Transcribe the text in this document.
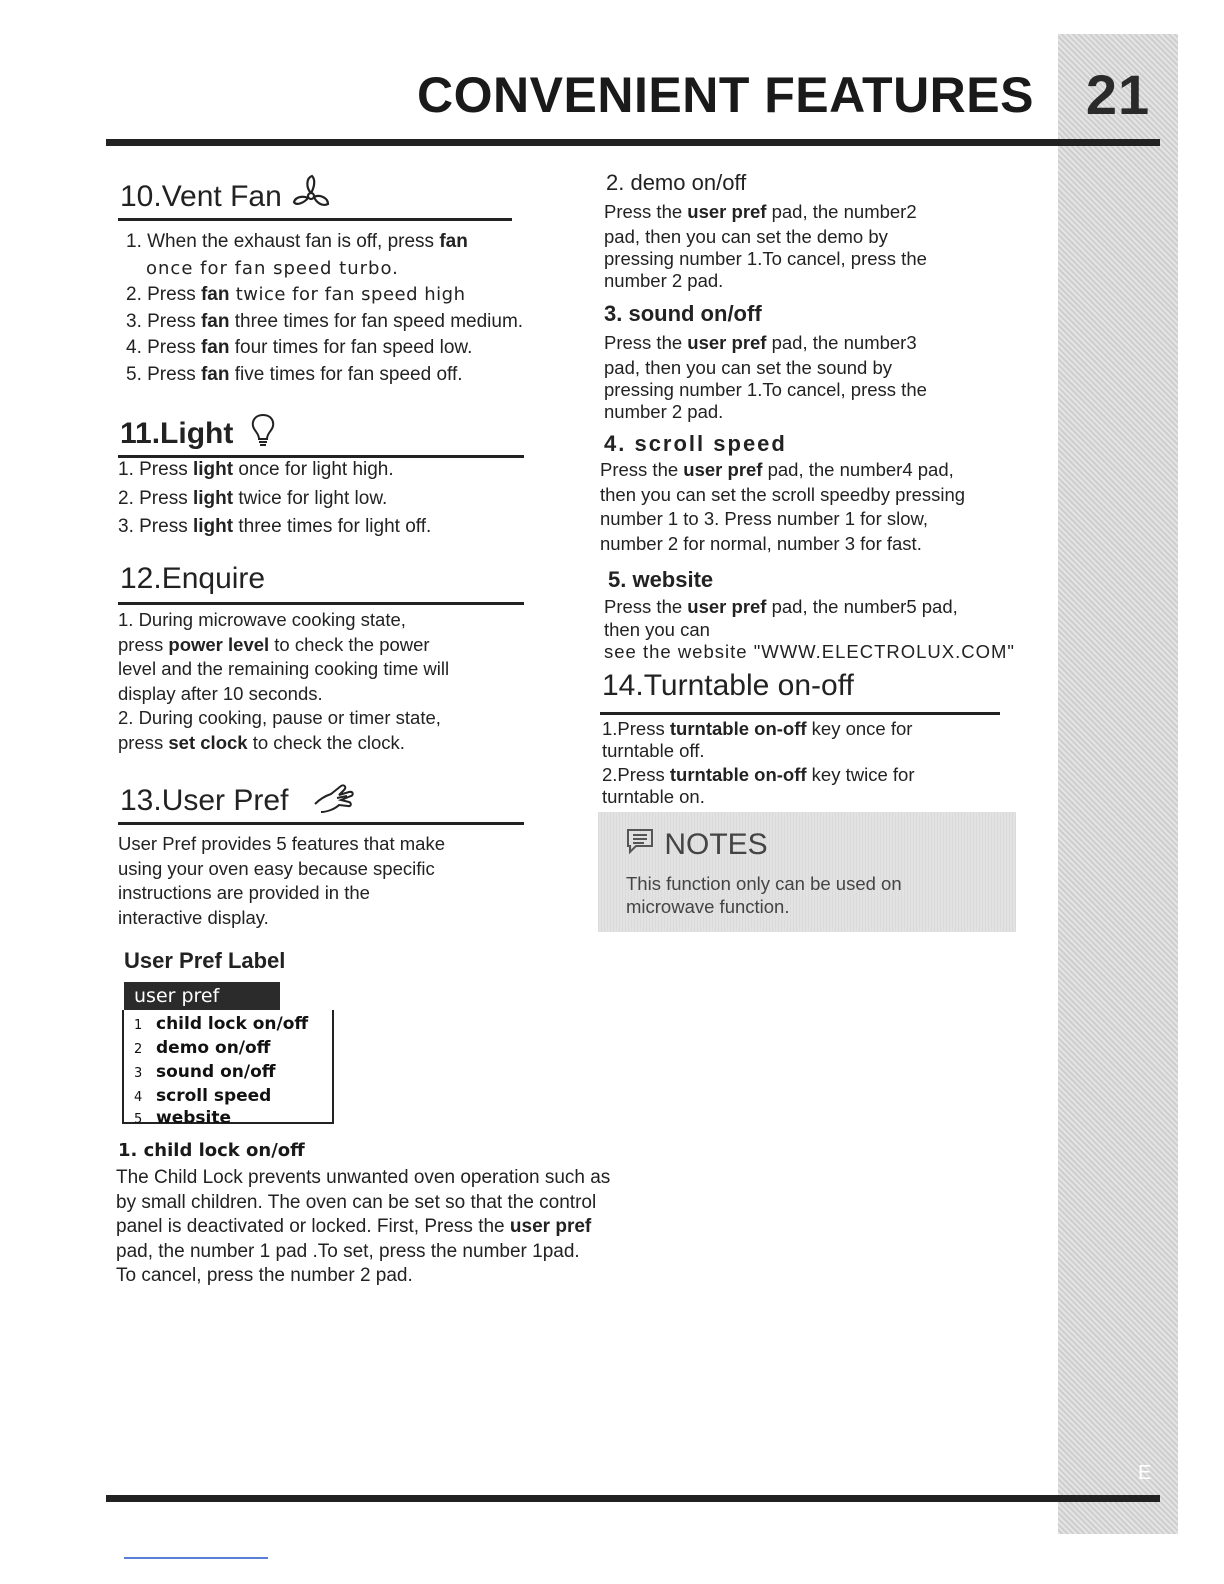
21
E
CONVENIENT FEATURES
10.Vent Fan
1. When the exhaust fan is off, press fan
once for fan speed turbo.
2. Press fan twice for fan speed high
3. Press fan three times for fan speed medium.
4. Press fan four times for fan speed low.
5. Press fan five times for fan speed off.
11.Light
1. Press light once for light high.
2. Press light twice for light low.
3. Press light three times for light off.
12.Enquire
1. During microwave cooking state,
press power level to check the power
level and the remaining cooking time will
display after 10 seconds.
2. During cooking, pause or timer state,
press set clock to check the clock.
13.User Pref
User Pref provides 5 features that make
using your oven easy because specific
instructions are provided in the
interactive display.
User Pref Label
user pref
1 child lock on/off
2 demo on/off
3 sound on/off
4 scroll speed
5 website
1. child lock on/off
The Child Lock prevents unwanted oven operation such as
by small children. The oven can be set so that the control
panel is deactivated or locked. First, Press the user pref
pad, the number 1 pad .To set, press the number 1pad.
To cancel, press the number 2 pad.
2. demo on/off
Press the user pref pad, the number2
pad, then you can set the demo by
pressing number 1.To cancel, press the
number 2 pad.
3. sound on/off
Press the user pref pad, the number3
pad, then you can set the sound by
pressing number 1.To cancel, press the
number 2 pad.
4. scroll speed
Press the user pref pad, the number4 pad,
then you can set the scroll speedby pressing
number 1 to 3. Press number 1 for slow,
number 2 for normal, number 3 for fast.
5. website
Press the user pref pad, the number5 pad,
then you can
see the website "WWW.ELECTROLUX.COM"
14.Turntable on-off
1.Press turntable on-off key once for
turntable off.
2.Press turntable on-off key twice for
turntable on.
NOTES
This function only can be used on
microwave function.
